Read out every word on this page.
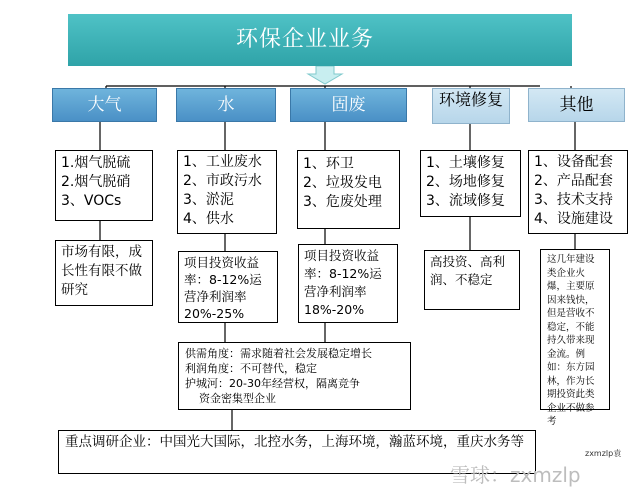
环保企业业务
大气	水	固废	环境修复	其他
1.烟气脱硫
2.烟气脱硝
3、VOCs
1、工业废水
2、市政污水
3、淤泥
4、供水
1、环卫
2、垃圾发电
3、危废处理
1、土壤修复
2、场地修复
3、流域修复
1、设备配套
2、产品配套
3、技术支持
4、设施建设
市场有限，成长性有限不做研究
项目投资收益率：8-12%运营净利润率20%-25%
项目投资收益率：8-12%运营净利润率18%-20%
高投资、高利润、不稳定
这几年建设类企业火爆，主要原因来钱快，但是营收不稳定，不能持久带来现金流。例如：东方园林，作为长期投资此类企业不做参考
供需角度：需求随着社会发展稳定增长
利润角度：不可替代，稳定
护城河：20-30年经营权，隔离竞争
资金密集型企业
重点调研企业：中国光大国际，北控水务，上海环境，瀚蓝环境，重庆水务等
zxmzlp袁
雪球：zxmzlp
